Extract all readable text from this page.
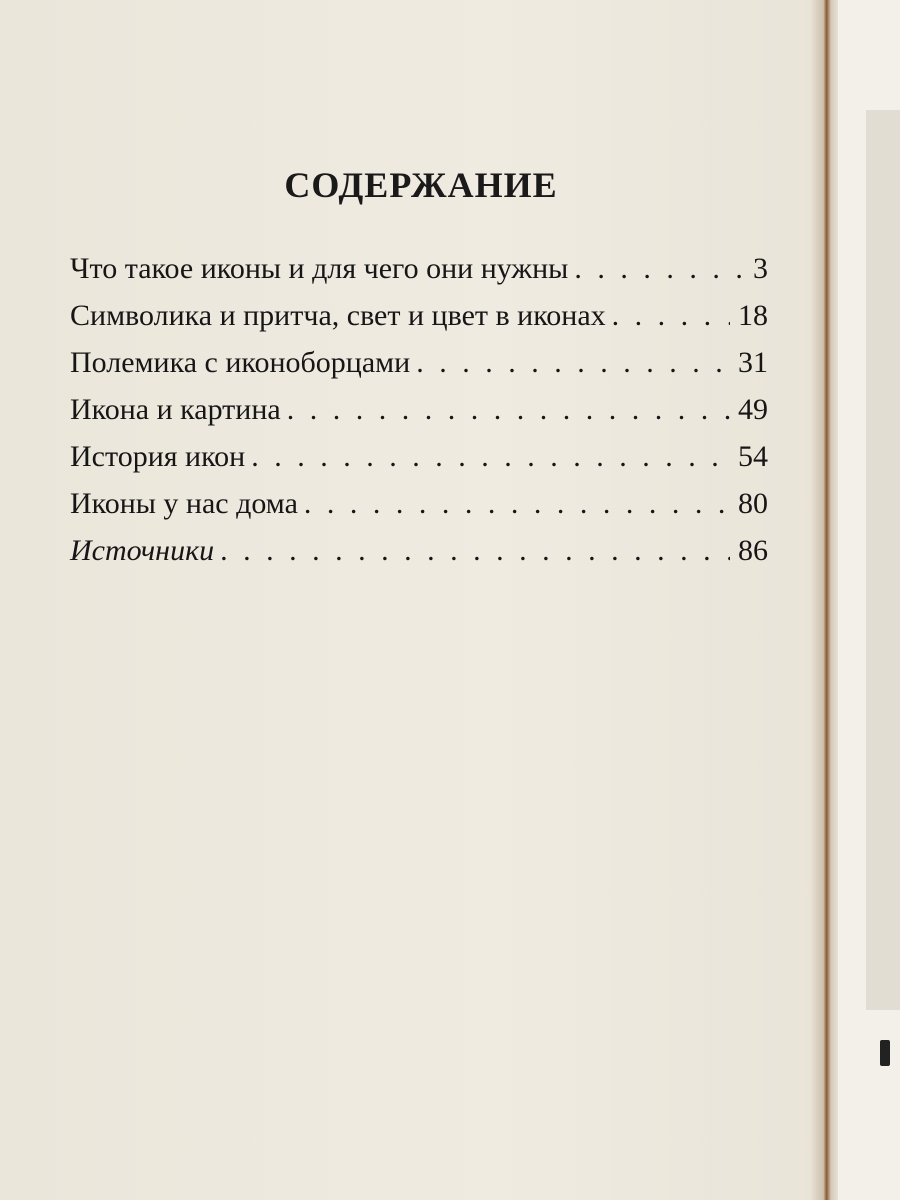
СОДЕРЖАНИЕ
Что такое иконы и для чего они нужны . . .	3
Символика и притча, свет и цвет в иконах . . .	18
Полемика с иконоборцами . . .	31
Икона и картина . . .	49
История икон . . .	54
Иконы у нас дома . . .	80
Источники . . .	86
